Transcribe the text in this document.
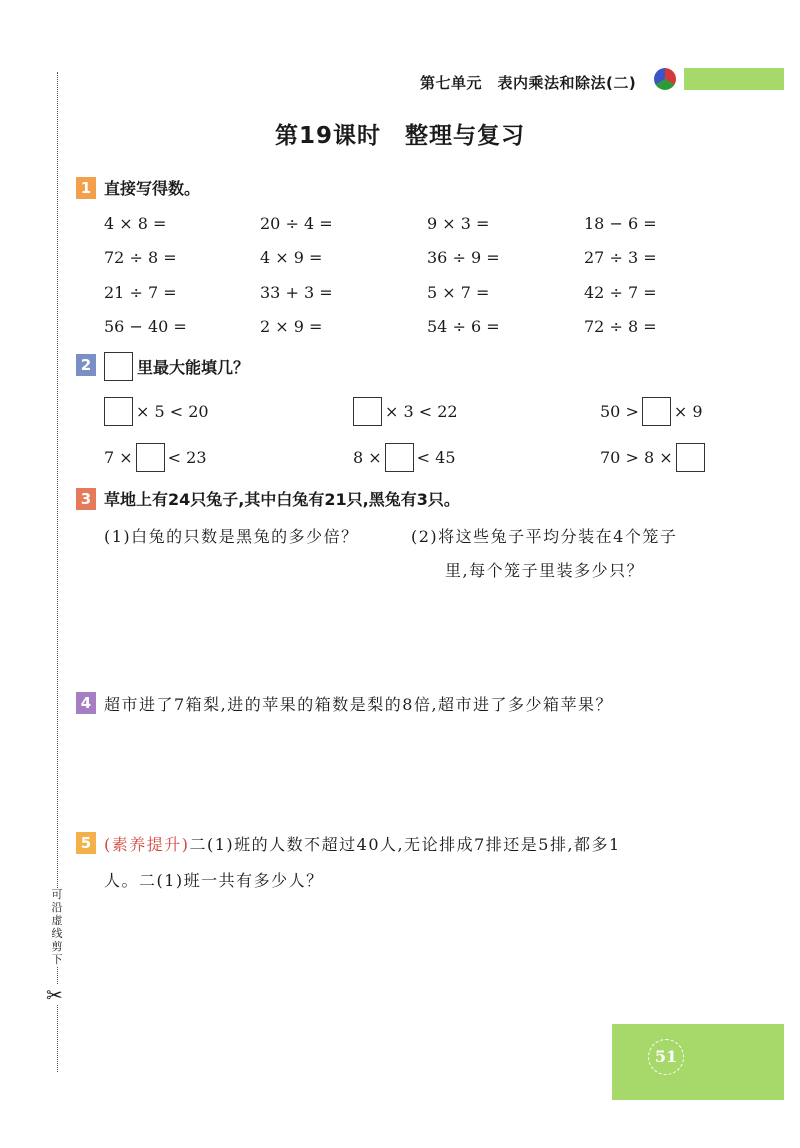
可沿虚线剪下
✂
第七单元　表内乘法和除法(二)
第19课时　整理与复习
1 直接写得数。
4 × 8 =	20 ÷ 4 =	9 × 3 =	18 − 6 =
72 ÷ 8 =	4 × 9 =	36 ÷ 9 =	27 ÷ 3 =
21 ÷ 7 =	33 + 3 =	5 × 7 =	42 ÷ 7 =
56 − 40 =	2 × 9 =	54 ÷ 6 =	72 ÷ 8 =
2	里最大能填几？
× 5 < 20	× 3 < 22	50 > × 9
7 × < 23	8 × < 45	70 > 8 ×
3 草地上有24只兔子,其中白兔有21只,黑兔有3只。
(1)白兔的只数是黑兔的多少倍？	(2)将这些兔子平均分装在4个笼子
里,每个笼子里装多少只？
4 超市进了7箱梨,进的苹果的箱数是梨的8倍,超市进了多少箱苹果？
5 (素养提升)二(1)班的人数不超过40人,无论排成7排还是5排,都多1
人。二(1)班一共有多少人？
51
